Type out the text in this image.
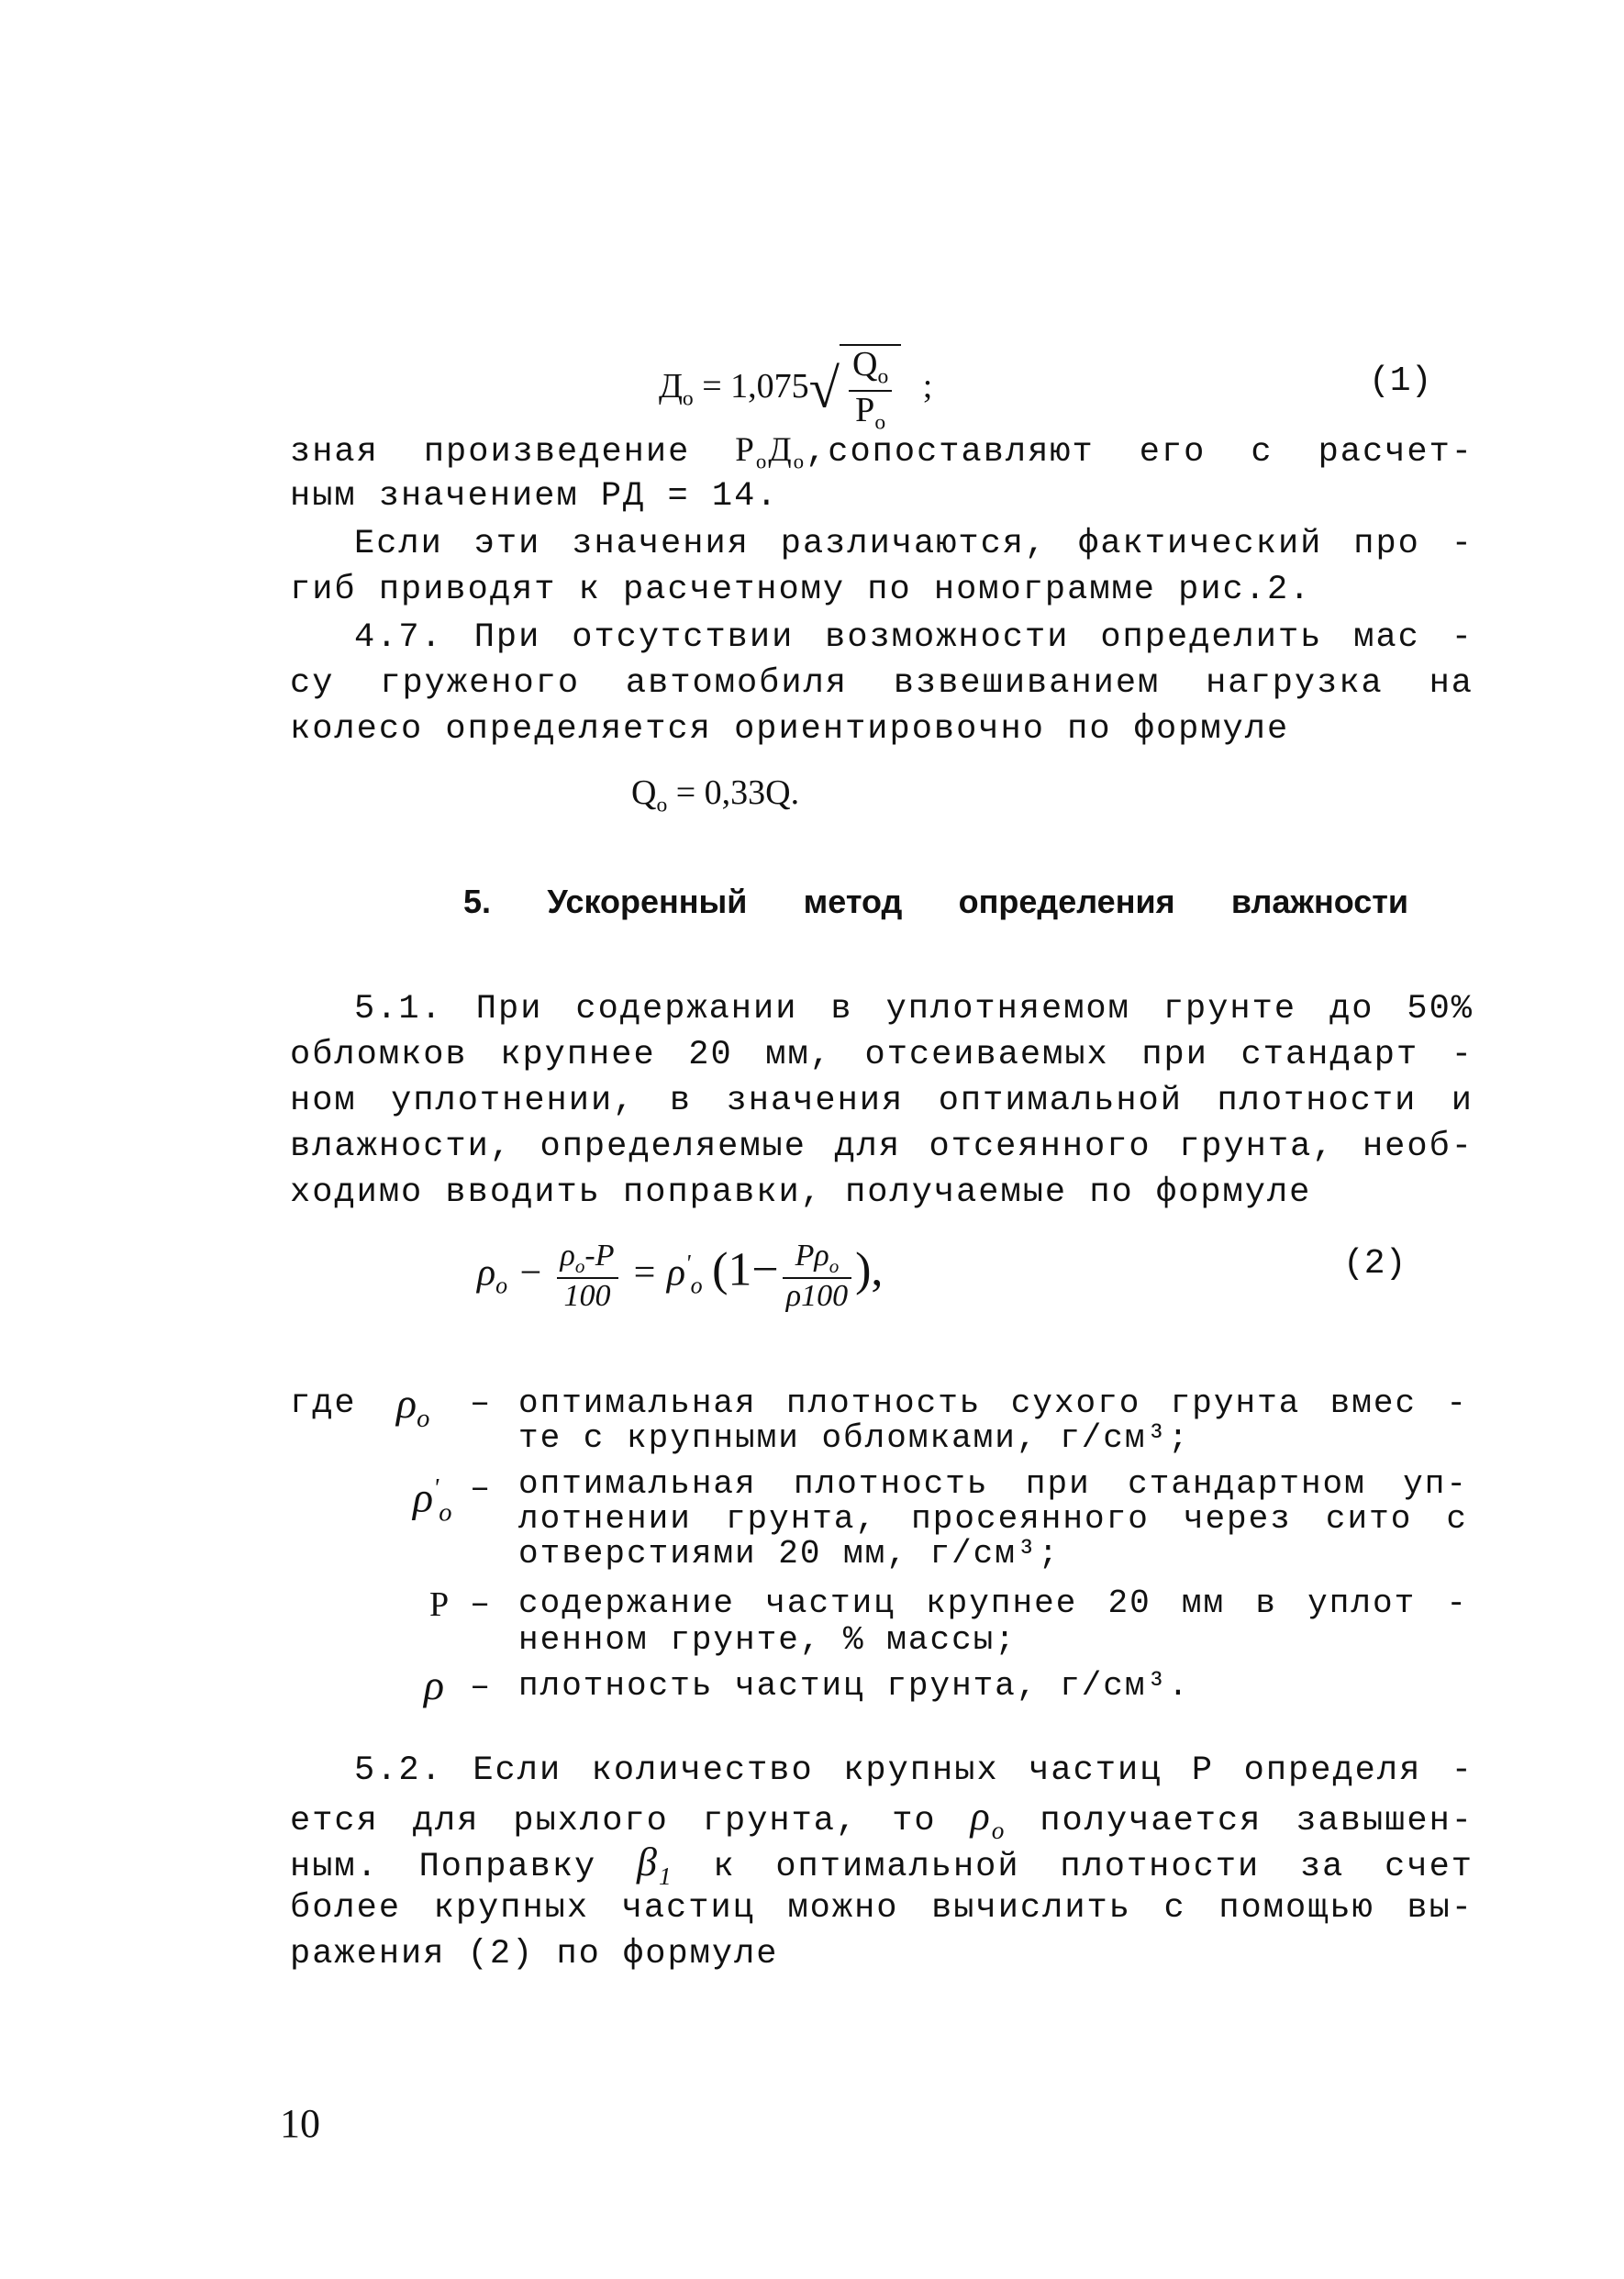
$Д_о = 1,075√ \frac{Q_о}{P_о}$ ;	(1)
зная произведение $P_оД_о,сопоставляют$ его с расчет-
ным значением РД = 14.
Если эти значения различаются, фактический про -
гиб приводят к расчетному по номограмме рис.2.
4.7. При отсутствии возможности определить мас -
су груженого автомобиля взвешиванием нагрузка на
колесо определяется ориентировочно по формуле
$Q_о = 0,33Q$.
5. Ускоренный метод определения влажности
5.1. При содержании в уплотняемом грунте до 50%
обломков крупнее 20 мм, отсеиваемых при стандарт -
ном уплотнении, в значения оптимальной плотности и
влажности, определяемые для отсеянного грунта, необ-
ходимо вводить поправки, получаемые по формуле
$\rho_о - \frac{\rho_о-P}{100} = \rho'_о$ ($1- \frac{P\rho_о}{\rho 100}$ ),	(2)
где $\rho_о$ – оптимальная плотность сухого грунта вмес -
те с крупными обломками, г/см³;
$\rho'_о$
– оптимальная плотность при стандартном уп-
лотнении грунта, просеянного через сито с
отверстиями 20 мм, г/см³;
P – содержание частиц крупнее 20 мм в уплот -
ненном грунте, % массы;
ρ – плотность частиц грунта, г/см³.
5.2. Если количество крупных частиц Р определя -
ется для рыхлого грунта, то $\rho_о$ получается завышен-
ным. Поправку $\beta_1$ к оптимальной плотности за счет
более крупных частиц можно вычислить с помощью вы-
ражения (2) по формуле
10
